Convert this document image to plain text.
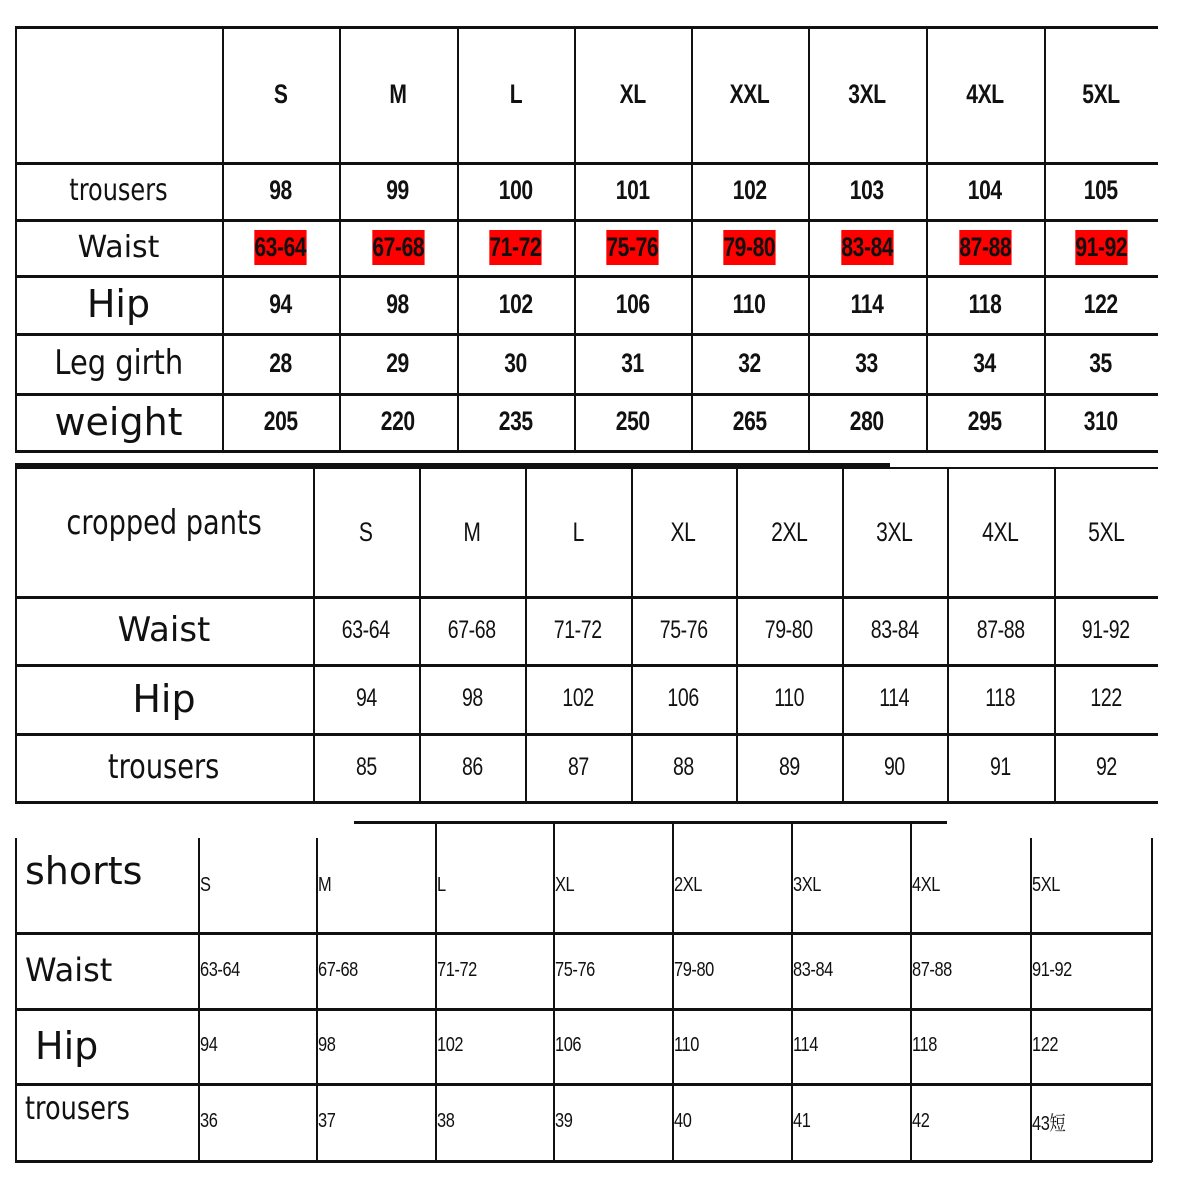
S	M	L	XL	XXL	3XL	4XL	5XL
trousers	98	99	100	101	102	103	104	105
Waist	63-64 67-68 71-72 75-76 79-80 83-84 87-88 91-92
Hip	94	98	102	106	110	114	118	122
Leg girth	28	29	30	31	32	33	34	35
weight	205	220	235	250	265	280	295	310
cropped pants	S	M	L	XL	2XL	3XL	4XL	5XL
Waist	63-64 67-68 71-72 75-76 79-80 83-84 87-88 91-92
Hip	94	98	102	106	110	114	118	122
trousers	85	86	87	88	89	90	91	92
shorts	S	M	L	XL	2XL	3XL	4XL	5XL
Waist	63-64	67-68	71-72	75-76	79-80	83-84	87-88	91-92
Hip	94	98	102	106	110	114	118	122
trousers	36	37	38	39	40	41	42	43短
